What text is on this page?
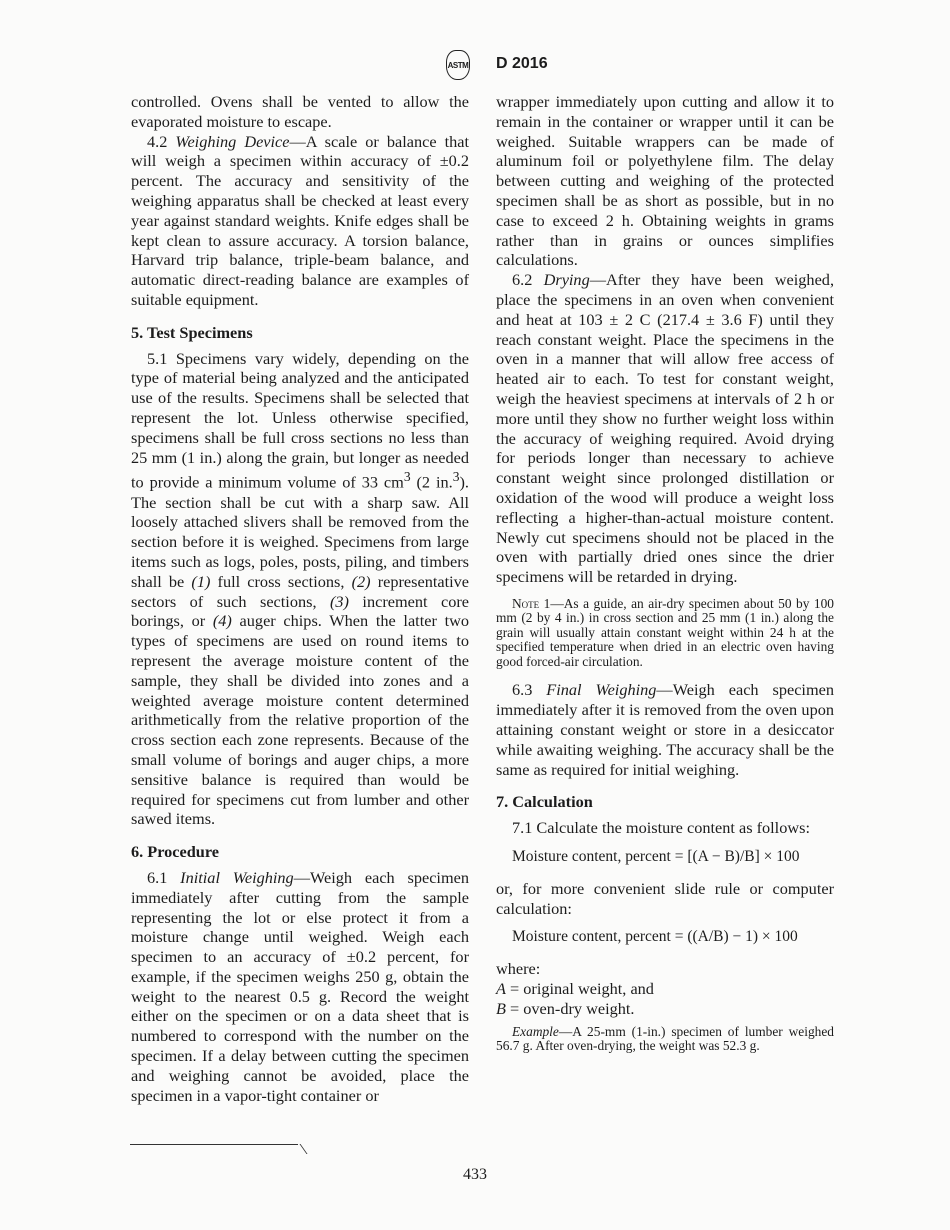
ASTM D 2016

controlled. Ovens shall be vented to allow the evaporated moisture to escape.

4.2 Weighing Device—A scale or balance that will weigh a specimen within accuracy of ±0.2 percent. The accuracy and sensitivity of the weighing apparatus shall be checked at least every year against standard weights. Knife edges shall be kept clean to assure accuracy. A torsion balance, Harvard trip balance, triple-beam balance, and automatic direct-reading balance are examples of suitable equipment.

5. Test Specimens

5.1 Specimens vary widely, depending on the type of material being analyzed and the anticipated use of the results. Specimens shall be selected that represent the lot. Unless otherwise specified, specimens shall be full cross sections no less than 25 mm (1 in.) along the grain, but longer as needed to provide a minimum volume of 33 $cm^3$ (2 in.$^3$). The section shall be cut with a sharp saw. All loosely attached slivers shall be removed from the section before it is weighed. Specimens from large items such as logs, poles, posts, piling, and timbers shall be (1) full cross sections, (2) representative sectors of such sections, (3) increment core borings, or (4) auger chips. When the latter two types of specimens are used on round items to represent the average moisture content of the sample, they shall be divided into zones and a weighted average moisture content determined arithmetically from the relative proportion of the cross section each zone represents. Because of the small volume of borings and auger chips, a more sensitive balance is required than would be required for specimens cut from lumber and other sawed items.

6. Procedure

6.1 Initial Weighing—Weigh each specimen immediately after cutting from the sample representing the lot or else protect it from a moisture change until weighed. Weigh each specimen to an accuracy of ±0.2 percent, for example, if the specimen weighs 250 g, obtain the weight to the nearest 0.5 g. Record the weight either on the specimen or on a data sheet that is numbered to correspond with the number on the specimen. If a delay between cutting the specimen and weighing cannot be avoided, place the specimen in a vapor-tight container or

wrapper immediately upon cutting and allow it to remain in the container or wrapper until it can be weighed. Suitable wrappers can be made of aluminum foil or polyethylene film. The delay between cutting and weighing of the protected specimen shall be as short as possible, but in no case to exceed 2 h. Obtaining weights in grams rather than in grains or ounces simplifies calculations.

6.2 Drying—After they have been weighed, place the specimens in an oven when convenient and heat at 103 ± 2 C (217.4 ± 3.6 F) until they reach constant weight. Place the specimens in the oven in a manner that will allow free access of heated air to each. To test for constant weight, weigh the heaviest specimens at intervals of 2 h or more until they show no further weight loss within the accuracy of weighing required. Avoid drying for periods longer than necessary to achieve constant weight since prolonged distillation or oxidation of the wood will produce a weight loss reflecting a higher-than-actual moisture content. Newly cut specimens should not be placed in the oven with partially dried ones since the drier specimens will be retarded in drying.

Note 1—As a guide, an air-dry specimen about 50 by 100 mm (2 by 4 in.) in cross section and 25 mm (1 in.) along the grain will usually attain constant weight within 24 h at the specified temperature when dried in an electric oven having good forced-air circulation.

6.3 Final Weighing—Weigh each specimen immediately after it is removed from the oven upon attaining constant weight or store in a desiccator while awaiting weighing. The accuracy shall be the same as required for initial weighing.

7. Calculation

7.1 Calculate the moisture content as follows:

Moisture content, percent = [(A − B)/B] × 100

or, for more convenient slide rule or computer calculation:

Moisture content, percent = ((A/B) − 1) × 100

where:

A = original weight, and

B = oven-dry weight.

Example—A 25-mm (1-in.) specimen of lumber weighed 56.7 g. After oven-drying, the weight was 52.3 g.

433
